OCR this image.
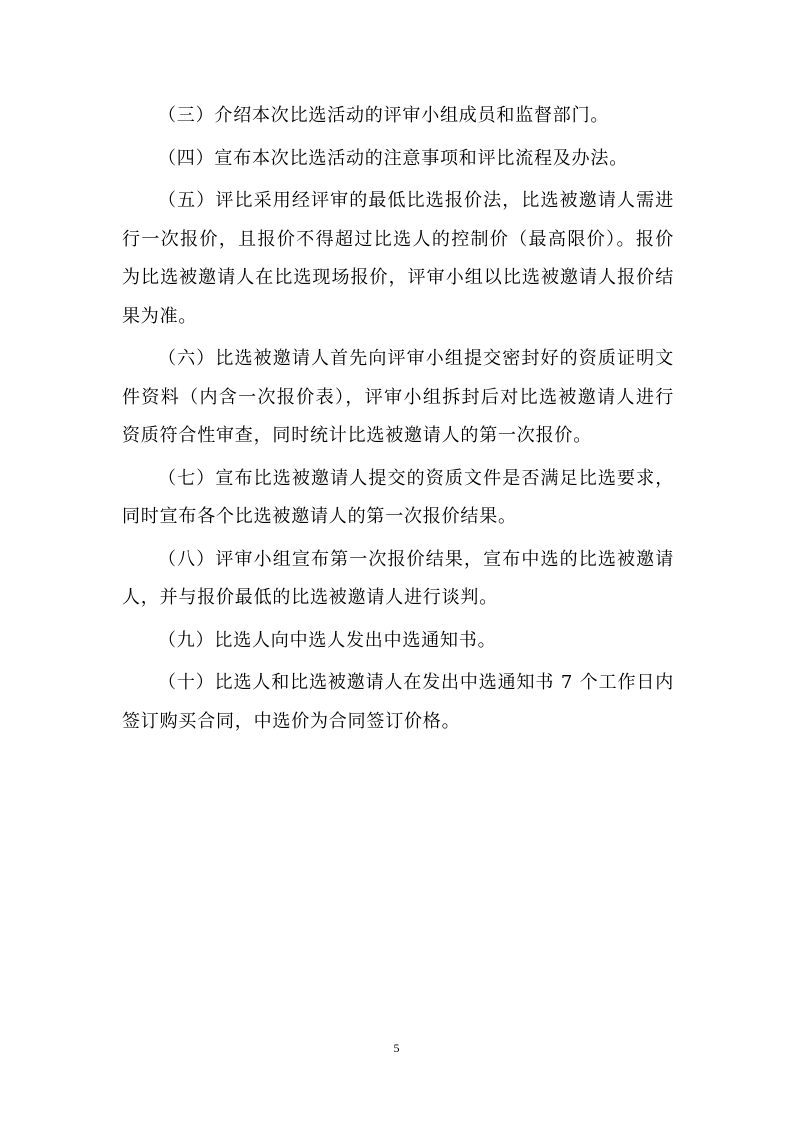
（三）介绍本次比选活动的评审小组成员和监督部门。

（四）宣布本次比选活动的注意事项和评比流程及办法。

（五）评比采用经评审的最低比选报价法，比选被邀请人需进行一次报价，且报价不得超过比选人的控制价（最高限价）。报价为比选被邀请人在比选现场报价，评审小组以比选被邀请人报价结果为准。

（六）比选被邀请人首先向评审小组提交密封好的资质证明文件资料（内含一次报价表），评审小组拆封后对比选被邀请人进行资质符合性审查，同时统计比选被邀请人的第一次报价。

（七）宣布比选被邀请人提交的资质文件是否满足比选要求，同时宣布各个比选被邀请人的第一次报价结果。

（八）评审小组宣布第一次报价结果，宣布中选的比选被邀请人，并与报价最低的比选被邀请人进行谈判。

（九）比选人向中选人发出中选通知书。

（十）比选人和比选被邀请人在发出中选通知书 7 个工作日内签订购买合同，中选价为合同签订价格。

5
